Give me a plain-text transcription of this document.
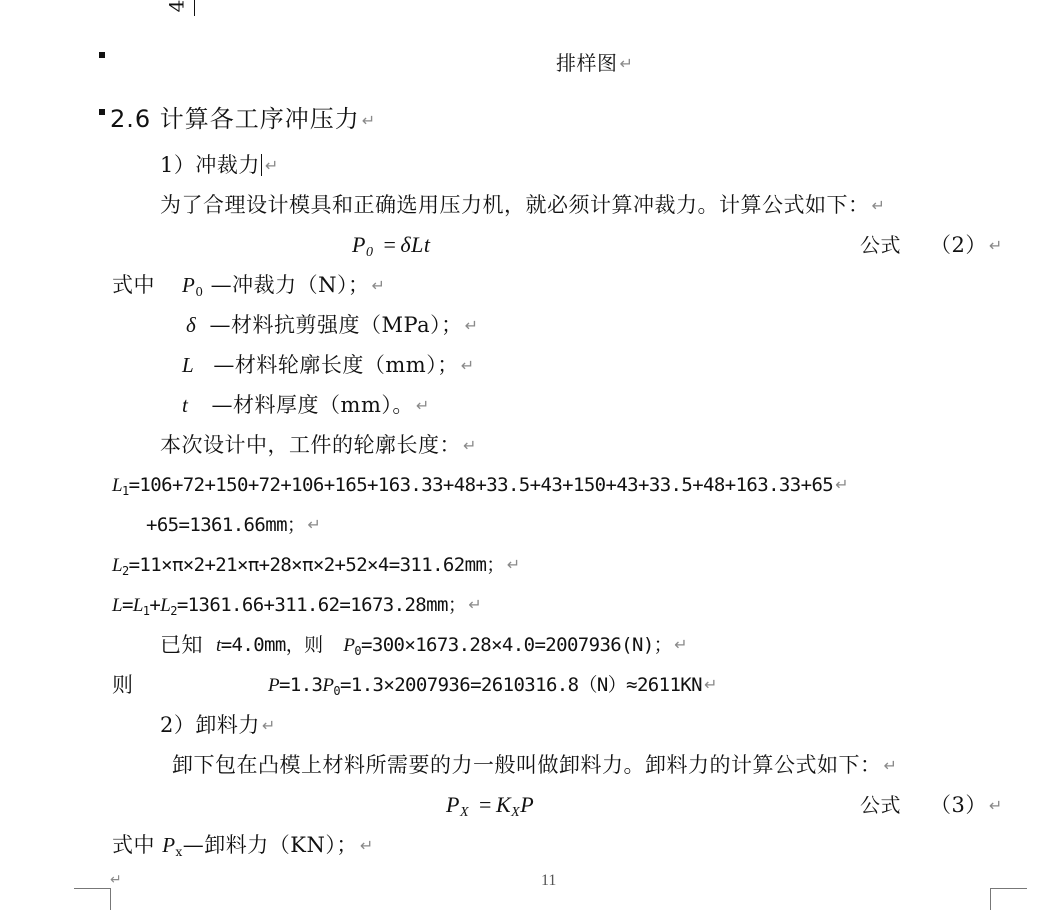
4
排样图 ↵
2.6 计算各工序冲压力 ↵
1）冲裁力 ↵
为了合理设计模具和正确选用压力机，就必须计算冲裁力。计算公式如下： ↵
$P_0 = \delta Lt$	公式 （2） ↵
式中 $P_0$ —冲裁力（N）； ↵
δ —材料抗剪强度（MPa）； ↵
L —材料轮廓长度（mm）； ↵
t —材料厚度（mm）。 ↵
本次设计中，工件的轮廓长度： ↵
$L_1=106+72+150+72+106+165+163.33+48+33.5+43+150+43+33.5+48+163.33+65$ ↵
+65=1361.66mm； ↵
$L_2=11\times\pi\times 2+21\times\pi+28\times\pi\times 2+52\times 4=311.62mm$； ↵
$L=L_1+L_2=1361.66+311.62=1673.28mm$； ↵
已知 t=4.0mm，则 $P_0=300\times 1673.28\times 4.0=2007936(N)$； ↵
则	$P=1.3P_0=1.3\times 2007936=2610316.8(N)\approx 2611KN$ ↵
2）卸料力 ↵
卸下包在凸模上材料所需要的力一般叫做卸料力。卸料力的计算公式如下： ↵
$P_X = K_XP$	公式 （3） ↵
式中 $P_x—$卸料力（KN）； ↵
↵	11
